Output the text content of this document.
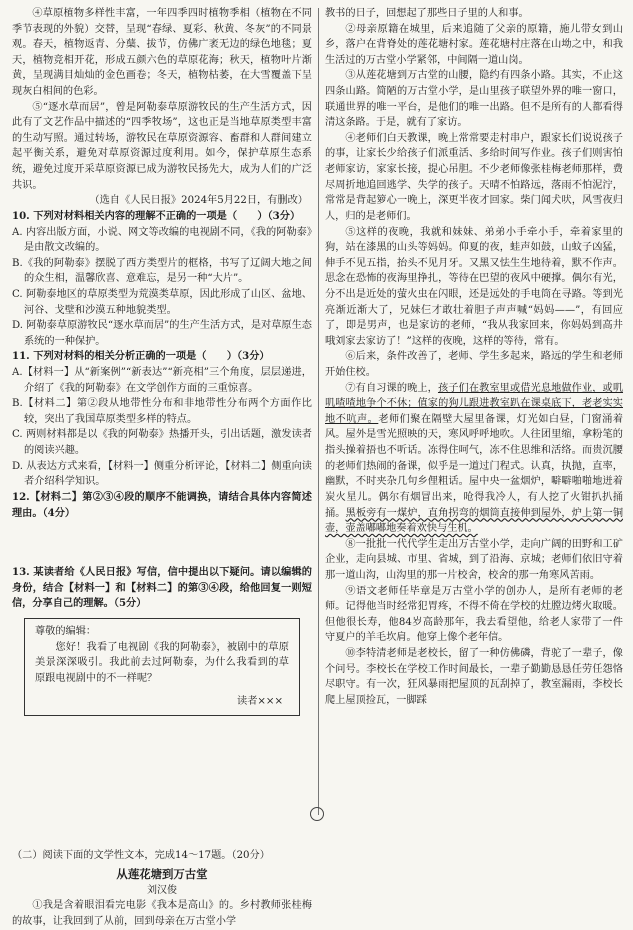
④草原植物多样性丰富，一年四季四时植物季相（植物在不同季节表现的外貌）交替，呈现“春绿、夏彩、秋黄、冬灰”的不同景观。春天，植物返青、分蘖、拔节，仿佛广袤无边的绿色地毯；夏天，植物竞相开花，形成五颜六色的草原花海；秋天，植物叶片渐黄，呈现满目灿灿的金色画卷；冬天，植物枯萎，在大雪覆盖下呈现灰白相间的色彩。

⑤“逐水草而居”，曾是阿勒泰草原游牧民的生产生活方式，因此有了文艺作品中描述的“四季牧场”，这也正是当地草原类型丰富的生动写照。通过转场，游牧民在草原资源容、畜群和人群间建立起平衡关系，避免对草原资源过度利用。如今，保护草原生态系统，避免过度开采草原资源已成为游牧民扬先大，成为人们的广泛共识。

（选自《人民日报》2024年5月22日，有删改）

10. 下列对材料相关内容的理解不正确的一项是（　　）（3分）

A. 内容出版方面，小说、网文等改编的电视剧不同，《我的阿勒泰》是由散文改编的。

B.《我的阿勒泰》摆脱了西方类型片的框格，书写了辽阔大地之间的众生相，温馨欣喜、意难忘，是另一种“大片”。

C. 阿勒泰地区的草原类型为荒漠类草原，因此形成了山区、盆地、河谷、戈壁和沙漠五种地貌类型。

D. 阿勒泰草原游牧民“逐水草而居”的生产生活方式，是对草原生态系统的一种保护。

11. 下列对材料的相关分析正确的一项是（　　）（3分）

A.【材料一】从“新案例”“新表达”“新亮相”三个角度，层层递进，介绍了《我的阿勒泰》在文学创作方面的三重惊喜。

B.【材料二】第②段从地带性分布和非地带性分布两个方面作比较，突出了我国草原类型多样的特点。

C. 两则材料都是以《我的阿勒泰》热播开头，引出话题，激发读者的阅读兴趣。

D. 从表达方式来看，【材料一】侧重分析评论，【材料二】侧重向读者介绍科学知识。

12.【材料二】第②③④段的顺序不能调换，请结合具体内容简述理由。（4分）

13. 某读者给《人民日报》写信，信中提出以下疑问。请以编辑的身份，结合【材料一】和【材料二】的第③④段，给他回复一则短信，分享自己的理解。（5分）

尊敬的编辑：

您好！我看了电视剧《我的阿勒泰》，被剧中的草原美景深深吸引。我此前去过阿勒泰，为什么我看到的草原跟电视剧中的不一样呢？

读者×××

（二）阅读下面的文学性文本，完成14～17题。（20分）

从莲花塘到万古堂

刘汉俊

①我是含着眼泪看完电影《我本是高山》的。乡村教师张桂梅的故事，让我回到了从前，回到母亲在万古堂小学

教书的日子，回想起了那些日子里的人和事。

②母亲原籍在城里，后来追随了父亲的原籍，施儿带女到山乡，落户在背脊处的莲花塘村家。莲花塘村庄落在山坳之中，和我生活过的万古堂小学紧邻，中间隔一道山岗。

③从莲花塘到万古堂的山腰，隐约有四条小路。其实，不止这四条山路。简陋的万古堂小学，是山里孩子联望外界的唯一窗口，联通世界的唯一平台，是他们的唯一出路。但不是所有的人都看得清这条路。于是，就有了家访。

④老师们白天教课，晚上常常要走村串户，跟家长们说说孩子的事，让家长少给孩子们派重活、多给时间写作业。孩子们则害怕老师家访，家家长接，提心吊胆。不少老师像张桂梅老师那样，费尽周折地追回逃学、失学的孩子。天晴不怕路远，落雨不怕泥泞，常常是背起箩心一晚上，深更半夜才回家。柴门闻犬吠，风雪夜归人，归的是老师们。

⑤这样的夜晚，我就和妹妹、弟弟小手牵小手，牵着家里的狗，站在漆黑的山头等妈妈。仰夏的夜，蛙声如鼓，山蚊子凶猛，伸手不见五指，抬头不见月牙。又黑又怯生生地待着，默不作声。思念在恐怖的夜海里挣扎，等待在巴望的夜风中硬撑。偶尔有光，分不出是近处的萤火虫在闪眼，还是远处的手电筒在寻路。等到光亮渐近渐大了，兄妹仨才敢壮着胆子声声喊“妈妈——”，有回应了，即是男声，也是家访的老师，“我从我家回来，你妈妈到高井哦刘家去家访了！”这样的夜晚，这样的等待，常有。

⑥后来，条件改善了，老师、学生多起来，路远的学生和老师开始住校。

⑦有自习课的晚上，孩子们在教室里或借光息地做作业，或叽叽喳喳地争个不休；值家的狗儿跟进教室趴在课桌底下，老老实实地不吭声。老师们聚在隔壁大屋里备课，灯光如白昼，门窗涌着风。屋外是雪光照映的天，寒风呼呼地吹。人往团里缩，拿粉笔的指头操着捂也不听话。冻得住呵气，冻不住思维和活络。而贵沉腰的老师们热闹的备课，似乎是一道过门程式。认真，执抛，直率，幽默，不时夹杂几句乡俚粗话。屋中央一盆烟炉，噼噼啪啪地迸着炭火星儿。偶尔有烟冒出来，呛得我冷人，有人挖了火钳扒扒捅捅。黑板旁有一煤炉，直角拐弯的烟筒直接伸到屋外，炉上第一铜壶，壶盖嘟嘟地奏着欢快与生机。

⑧一批批一代代学生走出万古堂小学，走向广阔的田野和工矿企业，走向县城、市里、省城，到了沿海、京城；老师们依旧守着那一道山沟，山沟里的那一片校舍，校舍的那一角寒风苦雨。

⑨语文老师任毕章是万古堂小学的创办人，是所有老师的老师。记得他当时经常犯胃疼，不得不倚在学校的灶膛边烤火取暖。但他很长寿，他84岁高龄那年，我去看望他，给老人家带了一件守夏户的羊毛坎肩。他穿上像个老年信。

⑩李特清老师是老校长，留了一种仿佛磷，背驼了一辈子，像个问号。李校长在学校工作时间最长，一辈子勤勤恳恳任劳任怨恪尽职守。有一次，狂风暴雨把屋顶的瓦刮掉了，教室漏雨，李校长爬上屋顶捡瓦，一脚踩
